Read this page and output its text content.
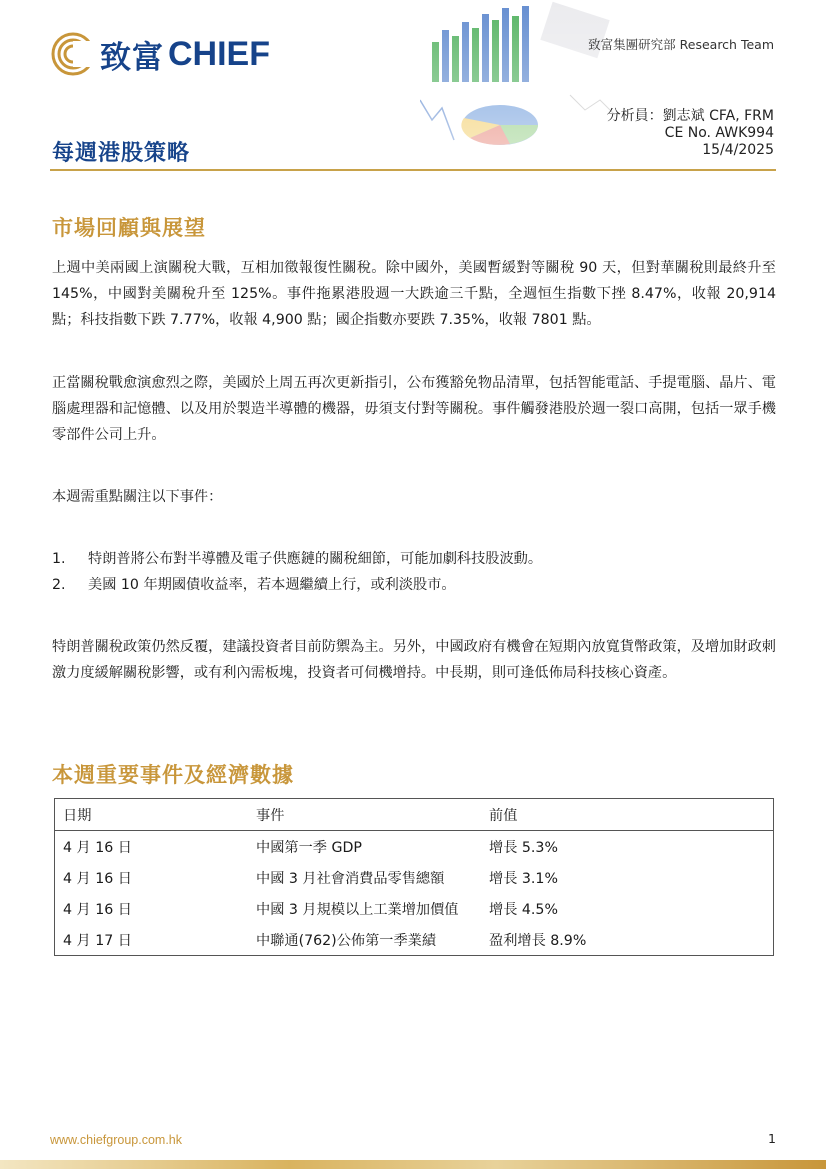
致富 CHIEF	致富集團研究部 Research Team
分析員：劉志斌 CFA, FRM
CE No. AWK994
15/4/2025
每週港股策略
市場回顧與展望
上週中美兩國上演關稅大戰，互相加徵報復性關稅。除中國外，美國暫緩對等關稅 90 天，但對華關稅則最終升至 145%，中國對美關稅升至 125%。事件拖累港股週一大跌逾三千點，全週恒生指數下挫 8.47%，收報 20,914 點；科技指數下跌 7.77%，收報 4,900 點；國企指數亦要跌 7.35%，收報 7801 點。
正當關稅戰愈演愈烈之際，美國於上周五再次更新指引，公布獲豁免物品清單，包括智能電話、手提電腦、晶片、電腦處理器和記憶體、以及用於製造半導體的機器，毋須支付對等關稅。事件觸發港股於週一裂口高開，包括一眾手機零部件公司上升。
本週需重點關注以下事件：
1.	特朗普將公布對半導體及電子供應鏈的關稅細節，可能加劇科技股波動。
2.	美國 10 年期國債收益率，若本週繼續上行，或利淡股市。
特朗普關稅政策仍然反覆，建議投資者目前防禦為主。另外，中國政府有機會在短期內放寬貨幣政策，及增加財政刺激力度緩解關稅影響，或有利內需板塊，投資者可伺機增持。中長期，則可逢低佈局科技核心資產。
本週重要事件及經濟數據
日期	事件	前值
4 月 16 日	中國第一季 GDP	增長 5.3%
4 月 16 日	中國 3 月社會消費品零售總額	增長 3.1%
4 月 16 日	中國 3 月規模以上工業增加價值	增長 4.5%
4 月 17 日	中聯通(762)公佈第一季業績	盈利增長 8.9%
www.chiefgroup.com.hk	1
